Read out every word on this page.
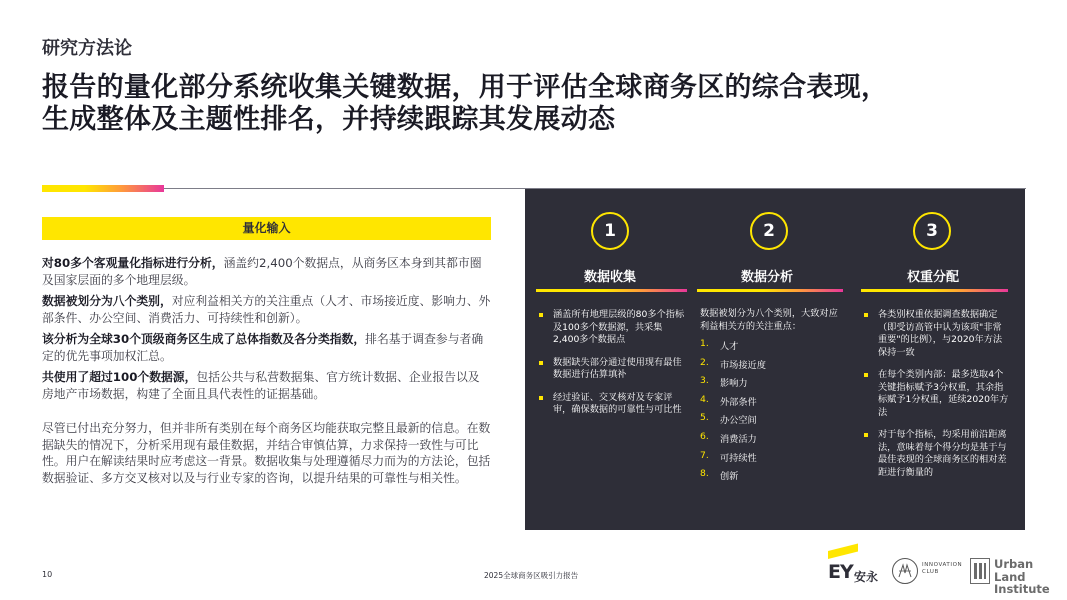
研究方法论
报告的量化部分系统收集关键数据，用于评估全球商务区的综合表现，
生成整体及主题性排名，并持续跟踪其发展动态
量化输入

对80多个客观量化指标进行分析，涵盖约2,400个数据点，从商务区本身到其都市圈及国家层面的多个地理层级。

数据被划分为八个类别，对应利益相关方的关注重点（人才、市场接近度、影响力、外部条件、办公空间、消费活力、可持续性和创新）。

该分析为全球30个顶级商务区生成了总体指数及各分类指数，排名基于调查参与者确定的优先事项加权汇总。

共使用了超过100个数据源，包括公共与私营数据集、官方统计数据、企业报告以及房地产市场数据，构建了全面且具代表性的证据基础。

尽管已付出充分努力，但并非所有类别在每个商务区均能获取完整且最新的信息。在数据缺失的情况下，分析采用现有最佳数据，并结合审慎估算，力求保持一致性与可比性。用户在解读结果时应考虑这一背景。数据收集与处理遵循尽力而为的方法论，包括数据验证、多方交叉核对以及与行业专家的咨询，以提升结果的可靠性与相关性。

1
数据收集
涵盖所有地理层级的80多个指标及100多个数据源，共采集2,400多个数据点
数据缺失部分通过使用现有最佳数据进行估算填补
经过验证、交叉核对及专家评审，确保数据的可靠性与可比性
2
数据分析
数据被划分为八个类别，大致对应利益相关方的关注重点：
1. 人才
2. 市场接近度
3. 影响力
4. 外部条件
5. 办公空间
6. 消费活力
7. 可持续性
8. 创新
3
权重分配
各类别权重依据调查数据确定（即受访高管中认为该项"非常重要"的比例），与2020年方法保持一致
在每个类别内部：最多选取4个关键指标赋予3分权重，其余指标赋予1分权重，延续2020年方法
对于每个指标，均采用前沿距离法，意味着每个得分均是基于与最佳表现的全球商务区的相对差距进行衡量的
10	2025全球商务区吸引力报告	EY 安永
INNOVATION CLUB
Urban Land
Institute
